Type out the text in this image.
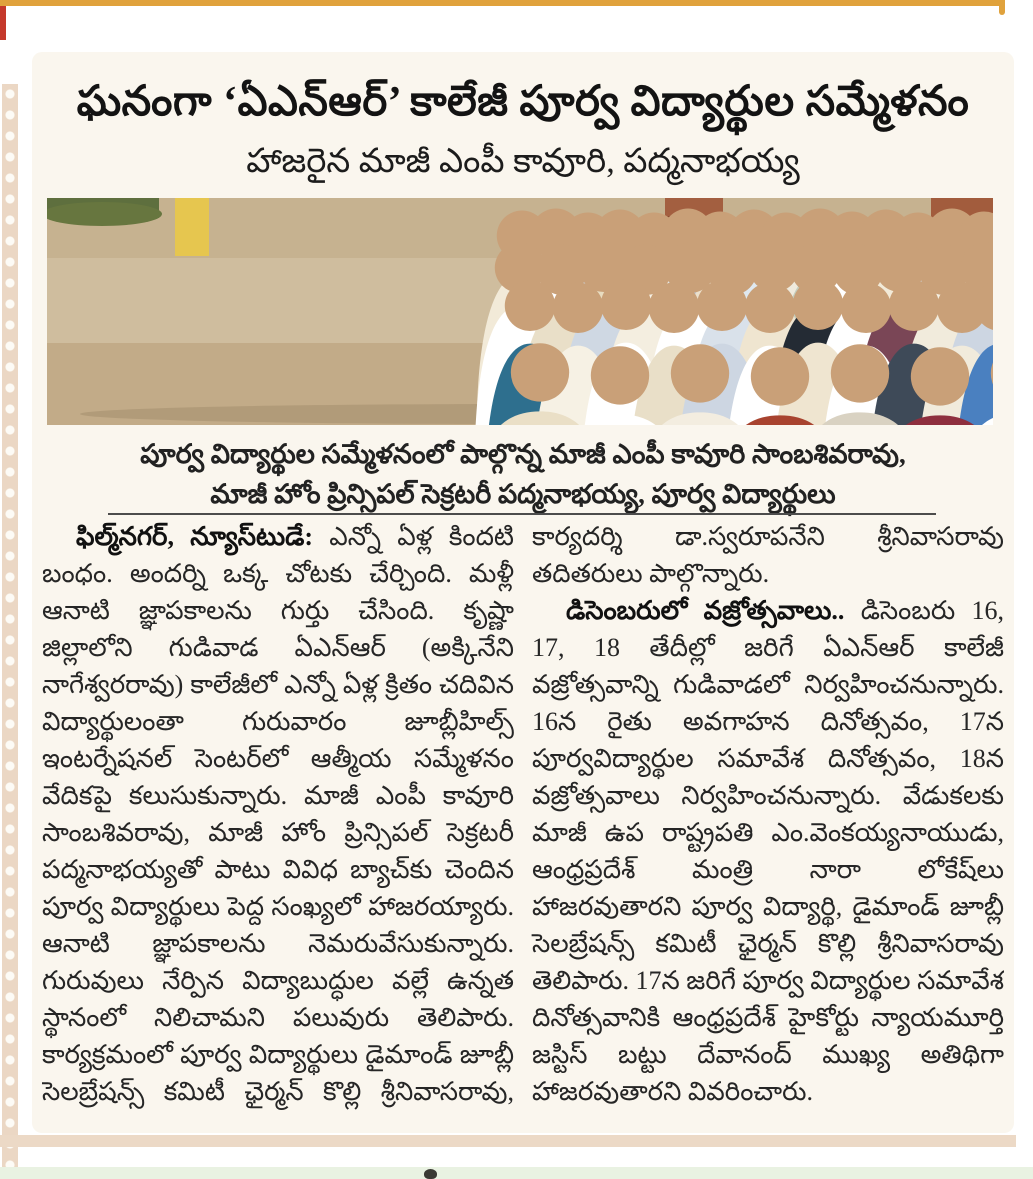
ఘనంగా ‘ఏఎన్ఆర్’ కాలేజీ పూర్వ విద్యార్థుల సమ్మేళనం
హాజరైన మాజీ ఎంపీ కావూరి, పద్మనాభయ్య
పూర్వ విద్యార్థుల సమ్మేళనంలో పాల్గొన్న మాజీ ఎంపీ కావూరి సాంబశివరావు,
మాజీ హోం ప్రిన్సిపల్ సెక్రటరీ పద్మనాభయ్య, పూర్వ విద్యార్థులు

ఫిల్మ్‌నగర్, న్యూస్‌టుడే: ఎన్నో ఏళ్ల కిందటి బంధం. అందర్ని ఒక్క చోటకు చేర్చింది. మళ్లీ ఆనాటి జ్ఞాపకాలను గుర్తు చేసింది. కృష్ణా జిల్లాలోని గుడివాడ ఏఎన్ఆర్ (అక్కినేని నాగేశ్వరరావు) కాలేజీలో ఎన్నో ఏళ్ల క్రితం చదివిన విద్యార్థులంతా గురువారం జూబ్లీహిల్స్ ఇంటర్నేషనల్ సెంటర్‌లో ఆత్మీయ సమ్మేళనం వేదికపై కలుసుకున్నారు. మాజీ ఎంపీ కావూరి సాంబశివరావు, మాజీ హోం ప్రిన్సిపల్ సెక్రటరీ పద్మనాభయ్యతో పాటు వివిధ బ్యాచ్‌కు చెందిన పూర్వ విద్యార్థులు పెద్ద సంఖ్యలో హాజరయ్యారు. ఆనాటి జ్ఞాపకాలను నెమరువేసుకున్నారు. గురువులు నేర్పిన విద్యాబుద్ధుల వల్లే ఉన్నత స్థానంలో నిలిచామని పలువురు తెలిపారు. కార్యక్రమంలో పూర్వ విద్యార్థులు డైమాండ్ జూబ్లీ సెలబ్రేషన్స్ కమిటీ ఛైర్మన్ కొల్లి శ్రీనివాసరావు, కార్యదర్శి డా.స్వరూపనేని శ్రీనివాసరావు తదితరులు పాల్గొన్నారు.

డిసెంబరులో వజ్రోత్సవాలు.. డిసెంబరు 16, 17, 18 తేదీల్లో జరిగే ఏఎన్ఆర్ కాలేజీ వజ్రోత్సవాన్ని గుడివాడలో నిర్వహించనున్నారు. 16న రైతు అవగాహన దినోత్సవం, 17న పూర్వవిద్యార్థుల సమావేశ దినోత్సవం, 18న వజ్రోత్సవాలు నిర్వహించనున్నారు. వేడుకలకు మాజీ ఉప రాష్ట్రపతి ఎం.వెంకయ్యనాయుడు, ఆంధ్రప్రదేశ్ మంత్రి నారా లోకేష్‌లు హాజరవుతారని పూర్వ విద్యార్థి, డైమాండ్ జూబ్లీ సెలబ్రేషన్స్ కమిటీ ఛైర్మన్ కొల్లి శ్రీనివాసరావు తెలిపారు. 17న జరిగే పూర్వ విద్యార్థుల సమావేశ దినోత్సవానికి ఆంధ్రప్రదేశ్ హైకోర్టు న్యాయమూర్తి జస్టిస్ బట్టు దేవానంద్ ముఖ్య అతిథిగా హాజరవుతారని వివరించారు.
